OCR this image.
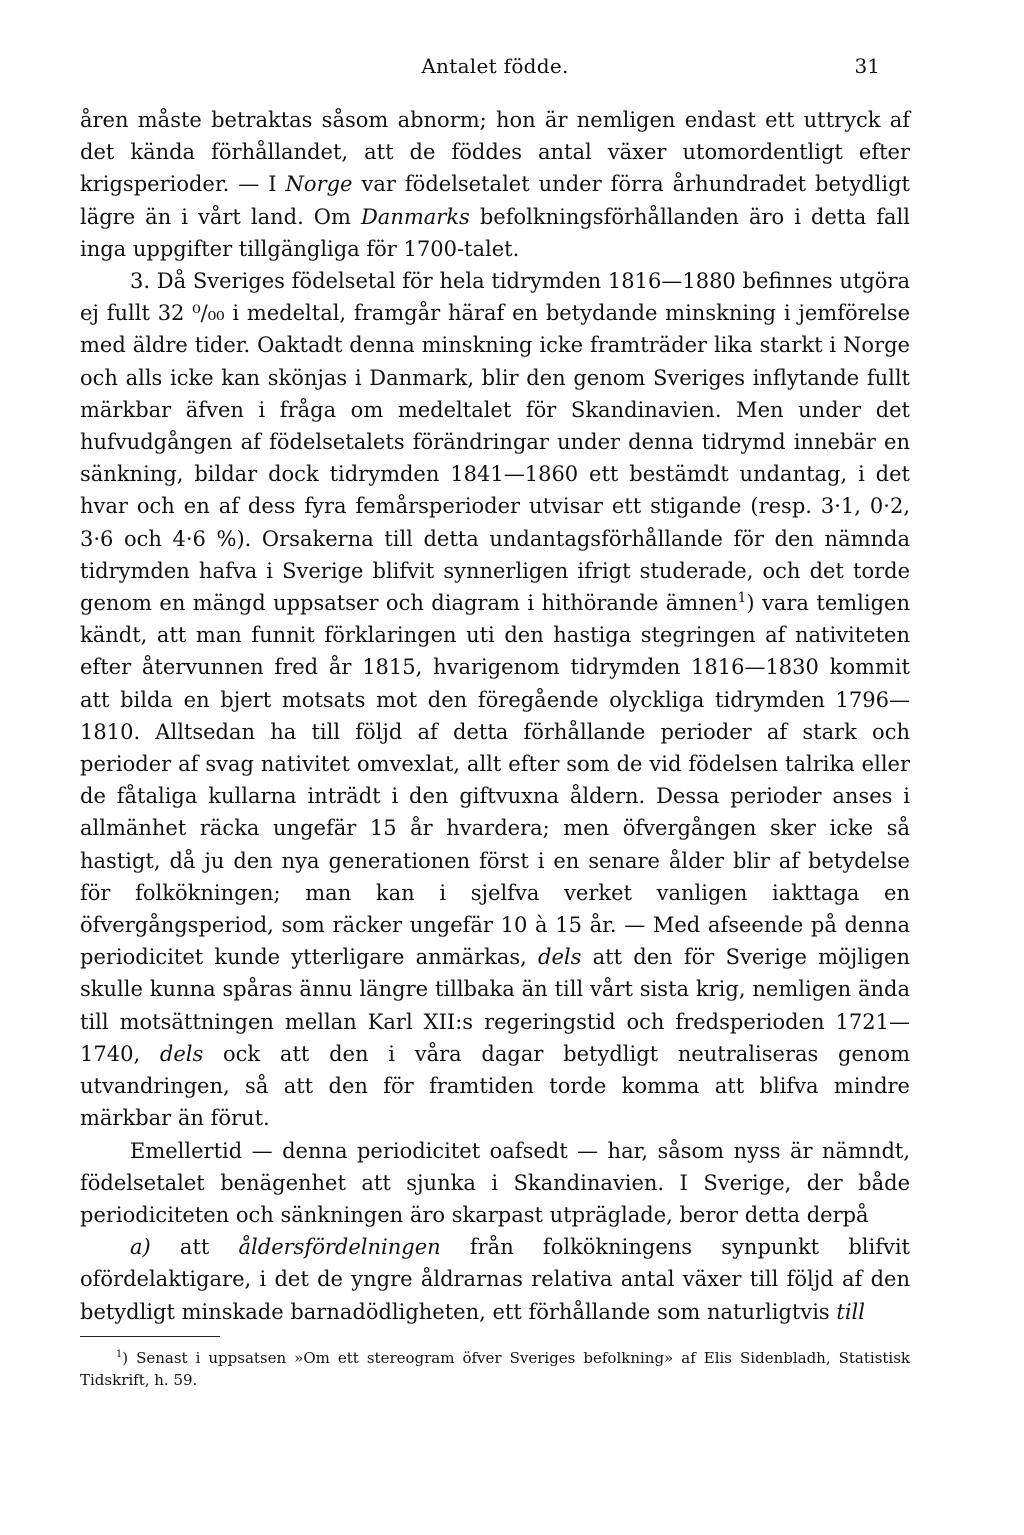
Antalet födde.	31

åren måste betraktas såsom abnorm; hon är nemligen endast ett uttryck af det kända förhållandet, att de föddes antal växer utomordentligt efter krigsperioder. — I Norge var födelsetalet under förra århundradet betydligt lägre än i vårt land. Om Danmarks befolkningsförhållanden äro i detta fall inga uppgifter tillgängliga för 1700-talet.

3. Då Sveriges födelsetal för hela tidrymden 1816—1880 befinnes utgöra ej fullt 32 ⁰/₀₀ i medeltal, framgår häraf en betydande minskning i jemförelse med äldre tider. Oaktadt denna minskning icke framträder lika starkt i Norge och alls icke kan skönjas i Danmark, blir den genom Sveriges inflytande fullt märkbar äfven i fråga om medeltalet för Skandinavien. Men under det hufvudgången af födelsetalets förändringar under denna tidrymd innebär en sänkning, bildar dock tidrymden 1841—1860 ett bestämdt undantag, i det hvar och en af dess fyra femårsperioder utvisar ett stigande (resp. 3·1, 0·2, 3·6 och 4·6 %). Orsakerna till detta undantagsförhållande för den nämnda tidrymden hafva i Sverige blifvit synnerligen ifrigt studerade, och det torde genom en mängd uppsatser och diagram i hithörande ämnen$^1$) vara temligen kändt, att man funnit förklaringen uti den hastiga stegringen af nativiteten efter återvunnen fred år 1815, hvarigenom tidrymden 1816—1830 kommit att bilda en bjert motsats mot den föregående olyckliga tidrymden 1796—1810. Alltsedan ha till följd af detta förhållande perioder af stark och perioder af svag nativitet omvexlat, allt efter som de vid födelsen talrika eller de fåtaliga kullarna inträdt i den giftvuxna åldern. Dessa perioder anses i allmänhet räcka ungefär 15 år hvardera; men öfvergången sker icke så hastigt, då ju den nya generationen först i en senare ålder blir af betydelse för folkökningen; man kan i sjelfva verket vanligen iakttaga en öfvergångsperiod, som räcker ungefär 10 à 15 år. — Med afseende på denna periodicitet kunde ytterligare anmärkas, dels att den för Sverige möjligen skulle kunna spåras ännu längre tillbaka än till vårt sista krig, nemligen ända till motsättningen mellan Karl XII:s regeringstid och fredsperioden 1721—1740, dels ock att den i våra dagar betydligt neutraliseras genom utvandringen, så att den för framtiden torde komma att blifva mindre märkbar än förut.

Emellertid — denna periodicitet oafsedt — har, såsom nyss är nämndt, födelsetalet benägenhet att sjunka i Skandinavien. I Sverige, der både periodiciteten och sänkningen äro skarpast utpräglade, beror detta derpå

a) att åldersfördelningen från folkökningens synpunkt blifvit ofördelaktigare, i det de yngre åldrarnas relativa antal växer till följd af den betydligt minskade barnadödligheten, ett förhållande som naturligtvis till

$^1$) Senast i uppsatsen »Om ett stereogram öfver Sveriges befolkning» af Elis Sidenbladh, Statistisk Tidskrift, h. 59.
